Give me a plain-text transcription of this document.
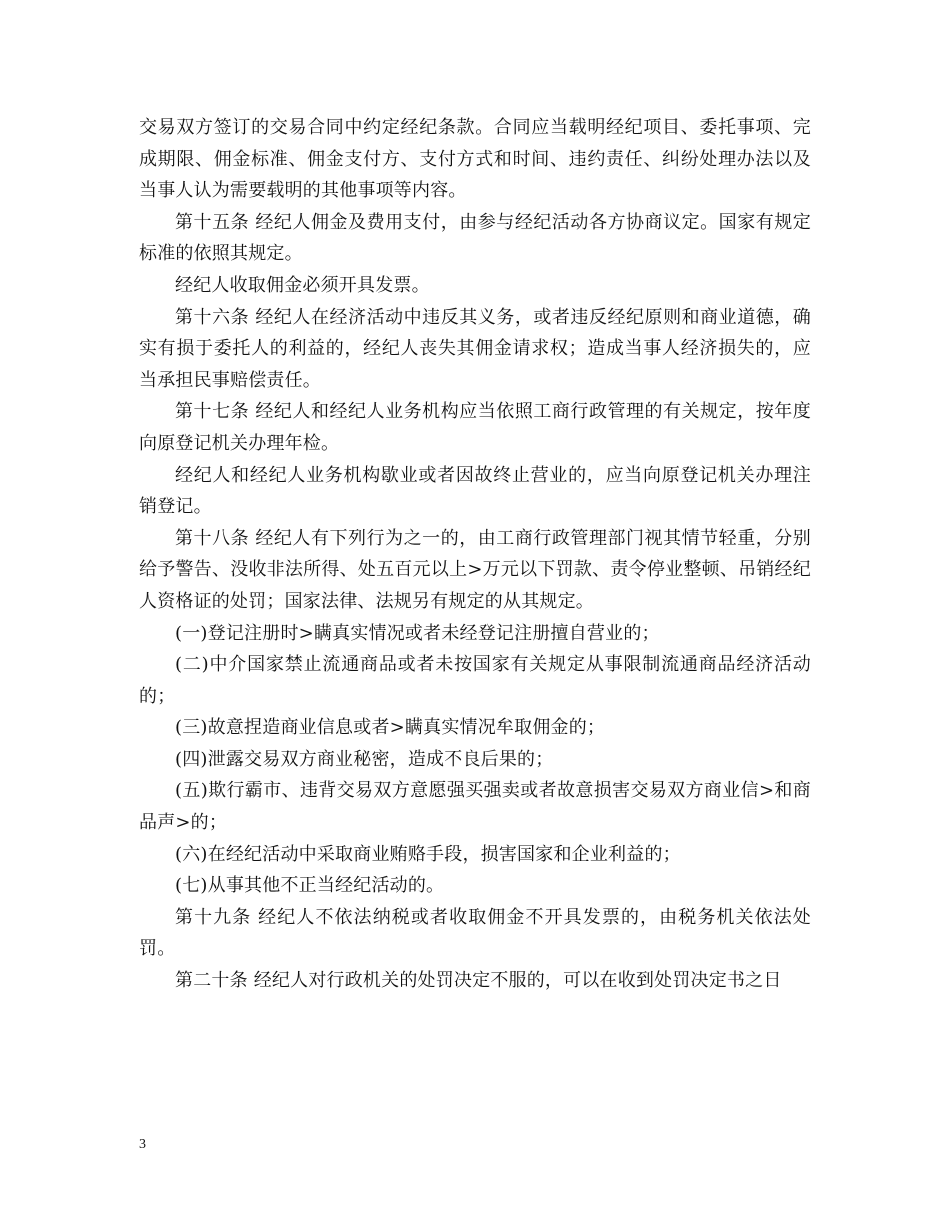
交易双方签订的交易合同中约定经纪条款。合同应当载明经纪项目、委托事项、完成期限、佣金标准、佣金支付方、支付方式和时间、违约责任、纠纷处理办法以及当事人认为需要载明的其他事项等内容。

第十五条 经纪人佣金及费用支付，由参与经纪活动各方协商议定。国家有规定标准的依照其规定。

经纪人收取佣金必须开具发票。

第十六条 经纪人在经济活动中违反其义务，或者违反经纪原则和商业道德，确实有损于委托人的利益的，经纪人丧失其佣金请求权；造成当事人经济损失的，应当承担民事赔偿责任。

第十七条 经纪人和经纪人业务机构应当依照工商行政管理的有关规定，按年度向原登记机关办理年检。

经纪人和经纪人业务机构歇业或者因故终止营业的，应当向原登记机关办理注销登记。

第十八条 经纪人有下列行为之一的，由工商行政管理部门视其情节轻重，分别给予警告、没收非法所得、处五百元以上>万元以下罚款、责令停业整顿、吊销经纪人资格证的处罚；国家法律、法规另有规定的从其规定。

(一)登记注册时>瞒真实情况或者未经登记注册擅自营业的；

(二)中介国家禁止流通商品或者未按国家有关规定从事限制流通商品经济活动的；

(三)故意捏造商业信息或者>瞒真实情况牟取佣金的；

(四)泄露交易双方商业秘密，造成不良后果的；

(五)欺行霸市、违背交易双方意愿强买强卖或者故意损害交易双方商业信>和商品声>的；

(六)在经纪活动中采取商业贿赂手段，损害国家和企业利益的；

(七)从事其他不正当经纪活动的。

第十九条 经纪人不依法纳税或者收取佣金不开具发票的，由税务机关依法处罚。

第二十条 经纪人对行政机关的处罚决定不服的，可以在收到处罚决定书之日

3
